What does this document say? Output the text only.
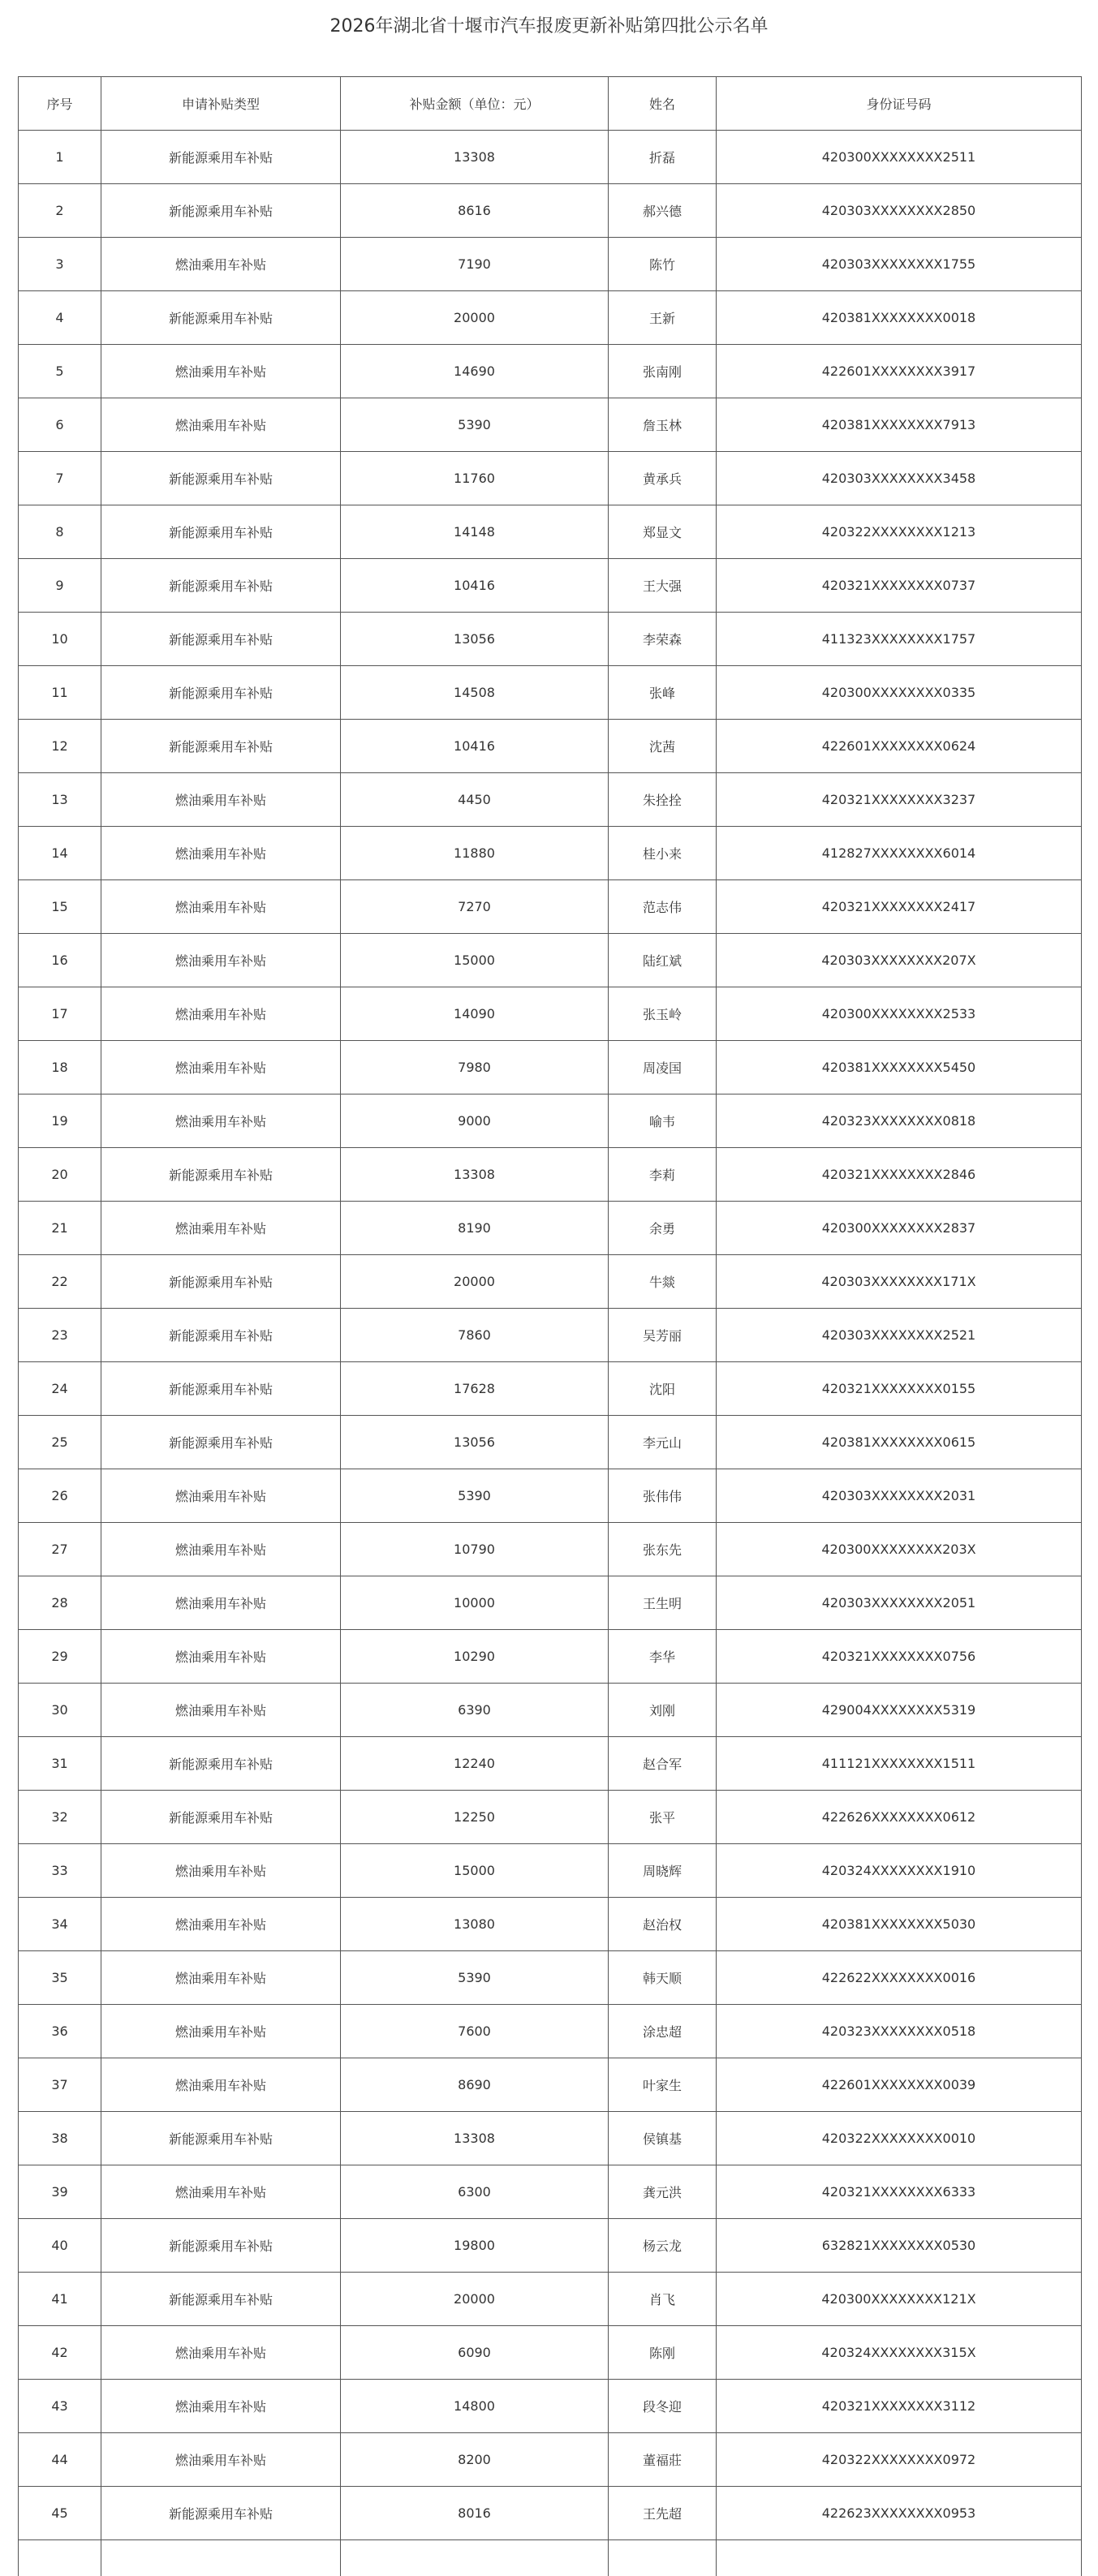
2026年湖北省十堰市汽车报废更新补贴第四批公示名单
序号	申请补贴类型	补贴金额（单位：元）	姓名	身份证号码
1	新能源乘用车补贴	13308	折磊	420300XXXXXXXX2511
2	新能源乘用车补贴	8616	郝兴德	420303XXXXXXXX2850
3	燃油乘用车补贴	7190	陈竹	420303XXXXXXXX1755
4	新能源乘用车补贴	20000	王新	420381XXXXXXXX0018
5	燃油乘用车补贴	14690	张南刚	422601XXXXXXXX3917
6	燃油乘用车补贴	5390	詹玉林	420381XXXXXXXX7913
7	新能源乘用车补贴	11760	黄承兵	420303XXXXXXXX3458
8	新能源乘用车补贴	14148	郑显文	420322XXXXXXXX1213
9	新能源乘用车补贴	10416	王大强	420321XXXXXXXX0737
10	新能源乘用车补贴	13056	李荣森	411323XXXXXXXX1757
11	新能源乘用车补贴	14508	张峰	420300XXXXXXXX0335
12	新能源乘用车补贴	10416	沈茜	422601XXXXXXXX0624
13	燃油乘用车补贴	4450	朱拴拴	420321XXXXXXXX3237
14	燃油乘用车补贴	11880	桂小来	412827XXXXXXXX6014
15	燃油乘用车补贴	7270	范志伟	420321XXXXXXXX2417
16	燃油乘用车补贴	15000	陆红斌	420303XXXXXXXX207X
17	燃油乘用车补贴	14090	张玉岭	420300XXXXXXXX2533
18	燃油乘用车补贴	7980	周凌国	420381XXXXXXXX5450
19	燃油乘用车补贴	9000	喻韦	420323XXXXXXXX0818
20	新能源乘用车补贴	13308	李莉	420321XXXXXXXX2846
21	燃油乘用车补贴	8190	余勇	420300XXXXXXXX2837
22	新能源乘用车补贴	20000	牛燚	420303XXXXXXXX171X
23	新能源乘用车补贴	7860	吴芳丽	420303XXXXXXXX2521
24	新能源乘用车补贴	17628	沈阳	420321XXXXXXXX0155
25	新能源乘用车补贴	13056	李元山	420381XXXXXXXX0615
26	燃油乘用车补贴	5390	张伟伟	420303XXXXXXXX2031
27	燃油乘用车补贴	10790	张东先	420300XXXXXXXX203X
28	燃油乘用车补贴	10000	王生明	420303XXXXXXXX2051
29	燃油乘用车补贴	10290	李华	420321XXXXXXXX0756
30	燃油乘用车补贴	6390	刘刚	429004XXXXXXXX5319
31	新能源乘用车补贴	12240	赵合军	411121XXXXXXXX1511
32	新能源乘用车补贴	12250	张平	422626XXXXXXXX0612
33	燃油乘用车补贴	15000	周晓辉	420324XXXXXXXX1910
34	燃油乘用车补贴	13080	赵治权	420381XXXXXXXX5030
35	燃油乘用车补贴	5390	韩天顺	422622XXXXXXXX0016
36	燃油乘用车补贴	7600	涂忠超	420323XXXXXXXX0518
37	燃油乘用车补贴	8690	叶家生	422601XXXXXXXX0039
38	新能源乘用车补贴	13308	侯镇基	420322XXXXXXXX0010
39	燃油乘用车补贴	6300	龚元洪	420321XXXXXXXX6333
40	新能源乘用车补贴	19800	杨云龙	632821XXXXXXXX0530
41	新能源乘用车补贴	20000	肖飞	420300XXXXXXXX121X
42	燃油乘用车补贴	6090	陈刚	420324XXXXXXXX315X
43	燃油乘用车补贴	14800	段冬迎	420321XXXXXXXX3112
44	燃油乘用车补贴	8200	董福莊	420322XXXXXXXX0972
45	新能源乘用车补贴	8016	王先超	422623XXXXXXXX0953
